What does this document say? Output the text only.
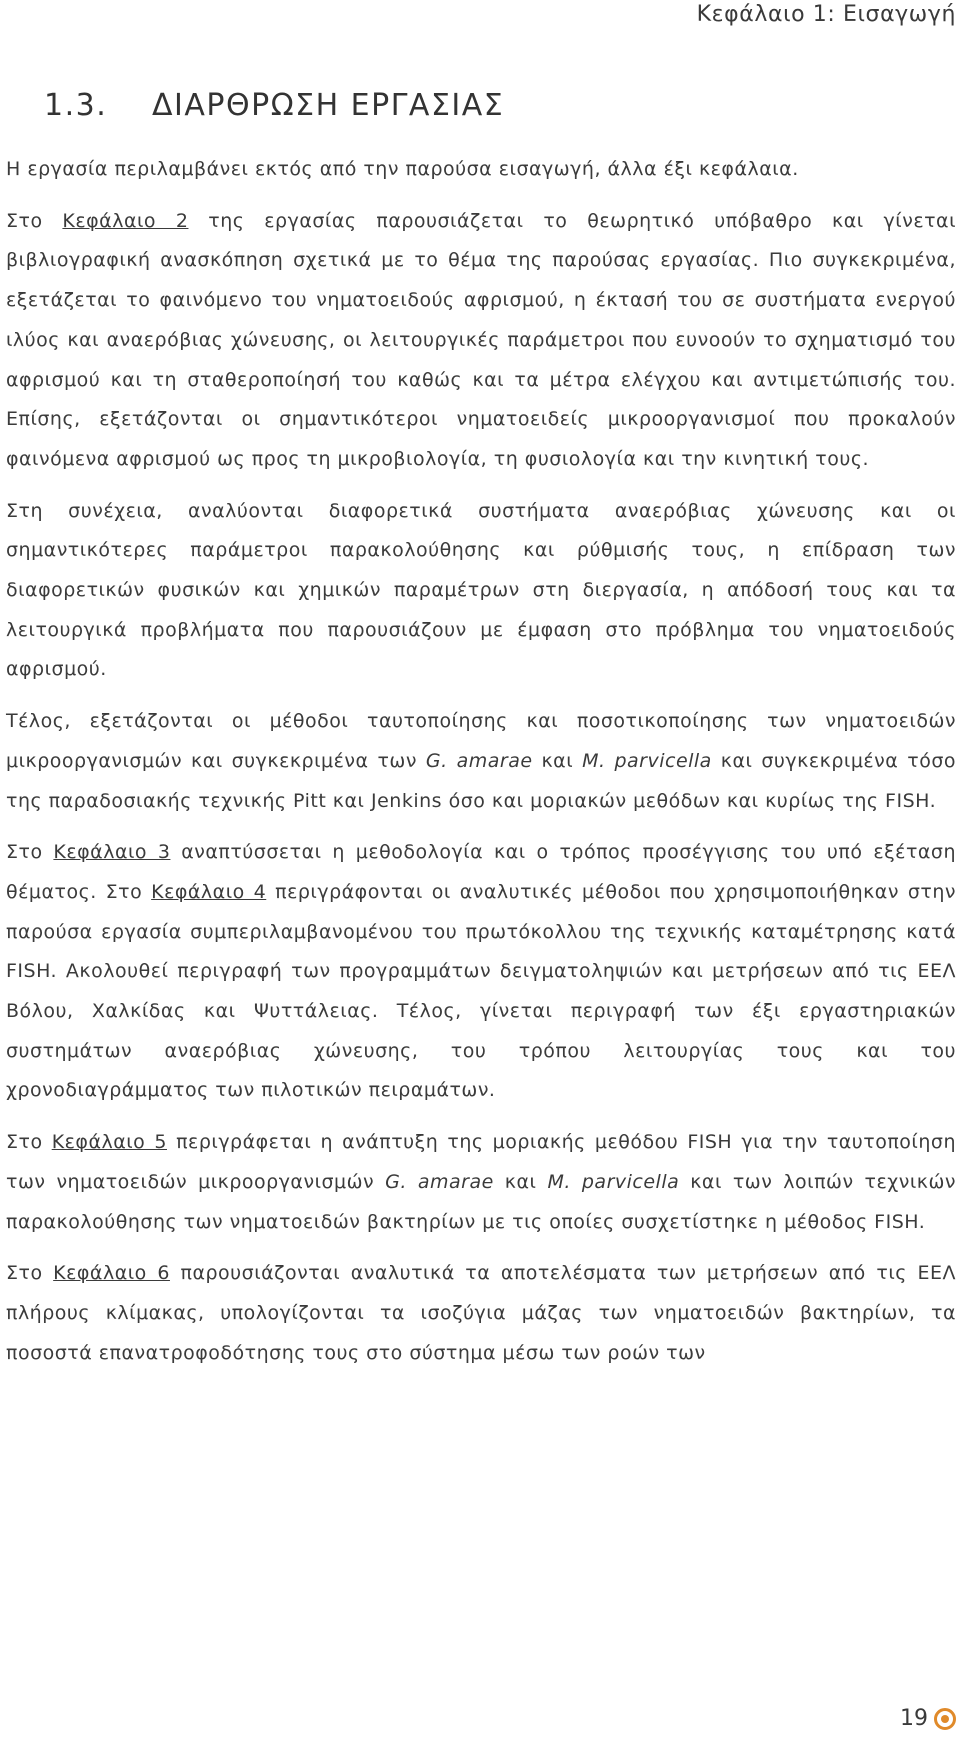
Κεφάλαιο 1: Εισαγωγή
1.3. ΔΙΑΡΘΡΩΣΗ ΕΡΓΑΣΙΑΣ

Η εργασία περιλαμβάνει εκτός από την παρούσα εισαγωγή, άλλα έξι κεφάλαια.

Στο Κεφάλαιο 2 της εργασίας παρουσιάζεται το θεωρητικό υπόβαθρο και γίνεται βιβλιογραφική ανασκόπηση σχετικά με το θέμα της παρούσας εργασίας. Πιο συγκεκριμένα, εξετάζεται το φαινόμενο του νηματοειδούς αφρισμού, η έκτασή του σε συστήματα ενεργού ιλύος και αναερόβιας χώνευσης, οι λειτουργικές παράμετροι που ευνοούν το σχηματισμό του αφρισμού και τη σταθεροποίησή του καθώς και τα μέτρα ελέγχου και αντιμετώπισής του. Επίσης, εξετάζονται οι σημαντικότεροι νηματοειδείς μικροοργανισμοί που προκαλούν φαινόμενα αφρισμού ως προς τη μικροβιολογία, τη φυσιολογία και την κινητική τους.

Στη συνέχεια, αναλύονται διαφορετικά συστήματα αναερόβιας χώνευσης και οι σημαντικότερες παράμετροι παρακολούθησης και ρύθμισής τους, η επίδραση των διαφορετικών φυσικών και χημικών παραμέτρων στη διεργασία, η απόδοσή τους και τα λειτουργικά προβλήματα που παρουσιάζουν με έμφαση στο πρόβλημα του νηματοειδούς αφρισμού.

Τέλος, εξετάζονται οι μέθοδοι ταυτοποίησης και ποσοτικοποίησης των νηματοειδών μικροοργανισμών και συγκεκριμένα των G. amarae και M. parvicella και συγκεκριμένα τόσο της παραδοσιακής τεχνικής Pitt και Jenkins όσο και μοριακών μεθόδων και κυρίως της FISH.

Στο Κεφάλαιο 3 αναπτύσσεται η μεθοδολογία και ο τρόπος προσέγγισης του υπό εξέταση θέματος. Στο Κεφάλαιο 4 περιγράφονται οι αναλυτικές μέθοδοι που χρησιμοποιήθηκαν στην παρούσα εργασία συμπεριλαμβανομένου του πρωτόκολλου της τεχνικής καταμέτρησης κατά FISH. Ακολουθεί περιγραφή των προγραμμάτων δειγματοληψιών και μετρήσεων από τις ΕΕΛ Βόλου, Χαλκίδας και Ψυττάλειας. Τέλος, γίνεται περιγραφή των έξι εργαστηριακών συστημάτων αναερόβιας χώνευσης, του τρόπου λειτουργίας τους και του χρονοδιαγράμματος των πιλοτικών πειραμάτων.

Στο Κεφάλαιο 5 περιγράφεται η ανάπτυξη της μοριακής μεθόδου FISH για την ταυτοποίηση των νηματοειδών μικροοργανισμών G. amarae και M. parvicella και των λοιπών τεχνικών παρακολούθησης των νηματοειδών βακτηρίων με τις οποίες συσχετίστηκε η μέθοδος FISH.

Στο Κεφάλαιο 6 παρουσιάζονται αναλυτικά τα αποτελέσματα των μετρήσεων από τις ΕΕΛ πλήρους κλίμακας, υπολογίζονται τα ισοζύγια μάζας των νηματοειδών βακτηρίων, τα ποσοστά επανατροφοδότησης τους στο σύστημα μέσω των ροών των

19
